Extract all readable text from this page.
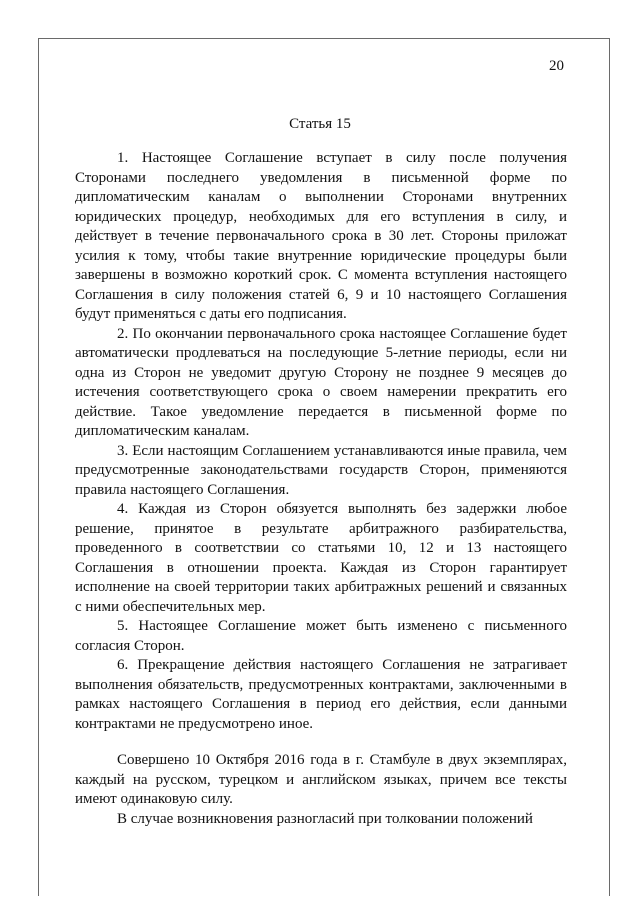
20
Статья 15

1. Настоящее Соглашение вступает в силу после получения Сторонами последнего уведомления в письменной форме по дипломатическим каналам о выполнении Сторонами внутренних юридических процедур, необходимых для его вступления в силу, и действует в течение первоначального срока в 30 лет. Стороны приложат усилия к тому, чтобы такие внутренние юридические процедуры были завершены в возможно короткий срок. С момента вступления настоящего Соглашения в силу положения статей 6, 9 и 10 настоящего Соглашения будут применяться с даты его подписания.

2. По окончании первоначального срока настоящее Соглашение будет автоматически продлеваться на последующие 5-летние периоды, если ни одна из Сторон не уведомит другую Сторону не позднее 9 месяцев до истечения соответствующего срока о своем намерении прекратить его действие. Такое уведомление передается в письменной форме по дипломатическим каналам.

3. Если настоящим Соглашением устанавливаются иные правила, чем предусмотренные законодательствами государств Сторон, применяются правила настоящего Соглашения.

4. Каждая из Сторон обязуется выполнять без задержки любое решение, принятое в результате арбитражного разбирательства, проведенного в соответствии со статьями 10, 12 и 13 настоящего Соглашения в отношении проекта. Каждая из Сторон гарантирует исполнение на своей территории таких арбитражных решений и связанных с ними обеспечительных мер.

5. Настоящее Соглашение может быть изменено с письменного согласия Сторон.

6. Прекращение действия настоящего Соглашения не затрагивает выполнения обязательств, предусмотренных контрактами, заключенными в рамках настоящего Соглашения в период его действия, если данными контрактами не предусмотрено иное.

Совершено 10 Октября 2016 года в г. Стамбуле в двух экземплярах, каждый на русском, турецком и английском языках, причем все тексты имеют одинаковую силу.

В случае возникновения разногласий при толковании положений
